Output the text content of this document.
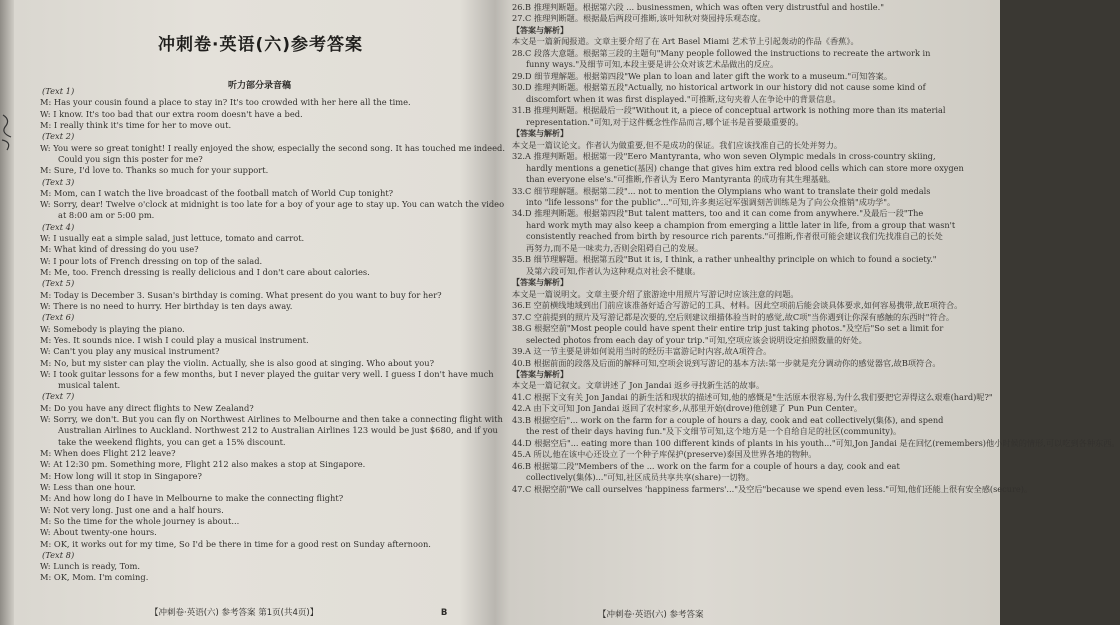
冲刺卷·英语(六)参考答案
听力部分录音稿
(Text 1)
M: Has your cousin found a place to stay in? It's too crowded with her here all the time.
W: I know. It's too bad that our extra room doesn't have a bed.
M: I really think it's time for her to move out.
(Text 2)
W: You were so great tonight! I really enjoyed the show, especially the second song. It has touched me indeed.
Could you sign this poster for me?
M: Sure, I'd love to. Thanks so much for your support.
(Text 3)
M: Mom, can I watch the live broadcast of the football match of World Cup tonight?
W: Sorry, dear! Twelve o'clock at midnight is too late for a boy of your age to stay up. You can watch the video
at 8:00 am or 5:00 pm.
(Text 4)
W: I usually eat a simple salad, just lettuce, tomato and carrot.
M: What kind of dressing do you use?
W: I pour lots of French dressing on top of the salad.
M: Me, too. French dressing is really delicious and I don't care about calories.
(Text 5)
M: Today is December 3. Susan's birthday is coming. What present do you want to buy for her?
W: There is no need to hurry. Her birthday is ten days away.
(Text 6)
W: Somebody is playing the piano.
M: Yes. It sounds nice. I wish I could play a musical instrument.
W: Can't you play any musical instrument?
M: No, but my sister can play the violin. Actually, she is also good at singing. Who about you?
W: I took guitar lessons for a few months, but I never played the guitar very well. I guess I don't have much
musical talent.
(Text 7)
M: Do you have any direct flights to New Zealand?
W: Sorry, we don't. But you can fly on Northwest Airlines to Melbourne and then take a connecting flight with
Australian Airlines to Auckland. Northwest 212 to Australian Airlines 123 would be just $680, and if you
take the weekend flights, you can get a 15% discount.
M: When does Flight 212 leave?
W: At 12:30 pm. Something more, Flight 212 also makes a stop at Singapore.
M: How long will it stop in Singapore?
W: Less than one hour.
M: And how long do I have in Melbourne to make the connecting flight?
W: Not very long. Just one and a half hours.
M: So the time for the whole journey is about...
W: About twenty-one hours.
M: OK, it works out for my time, So I'd be there in time for a good rest on Sunday afternoon.
(Text 8)
W: Lunch is ready, Tom.
M: OK, Mom. I'm coming.
【冲刺卷·英语(六) 参考答案 第1页(共4页)】	B
26.B 推理判断题。根据第六段 ... businessmen, which was often very distrustful and hostile."
27.C 推理判断题。根据最后两段可推断,该叶知秋对葵园持乐观态度。
【答案与解析】
本文是一篇新闻报道。文章主要介绍了在 Art Basel Miami 艺术节上引起轰动的作品《香蕉》。
28.C 段落大意题。根据第三段的主题句"Many people followed the instructions to recreate the artwork in
funny ways."及细节可知,本段主要是讲公众对该艺术品做出的反应。
29.D 细节理解题。根据第四段"We plan to loan and later gift the work to a museum."可知答案。
30.D 推理判断题。根据第五段"Actually, no historical artwork in our history did not cause some kind of
discomfort when it was first displayed."可推断,这句夹着人在争论中的背景信息。
31.B 推理判断题。根据最后一段"Without it, a piece of conceptual artwork is nothing more than its material
representation."可知,对于这件概念性作品而言,哪个证书是首要最重要的。
【答案与解析】
本文是一篇议论文。作者认为做重要,但不是成功的保证。我们应该找准自己的长处并努力。
32.A 推理判断题。根据第一段"Eero Mantyranta, who won seven Olympic medals in cross-country skiing,
hardly mentions a genetic(基因) change that gives him extra red blood cells which can store more oxygen
than everyone else's."可推断,作者认为 Eero Mantyranta 的成功有其生理基础。
33.C 细节理解题。根据第二段"... not to mention the Olympians who want to translate their gold medals
into "life lessons" for the public"..."可知,许多奥运冠军强调刻苦训练是为了向公众推销"成功学"。
34.D 推理判断题。根据第四段"But talent matters, too and it can come from anywhere."及最后一段"The
hard work myth may also keep a champion from emerging a little later in life, from a group that wasn't
consistently reached from birth by resource rich parents."可推断,作者很可能会建议我们先找准自己的长处
再努力,而不是一味卖力,否则会阻碍自己的发展。
35.B 细节理解题。根据第五段"But it is, I think, a rather unhealthy principle on which to found a society."
及第六段可知,作者认为这种观点对社会不健康。
【答案与解析】
本文是一篇说明文。文章主要介绍了旅游途中用照片写游记时应该注意的问题。
36.E 空前横线地域到出门前应该准备好适合写游记的工具、材料。因此空项前后能会谈具体要求,如何容易携带,故E项符合。
37.C 空前提到的照片及写游记都是次要的,空后则建议细描体验当时的感觉,故C项"当你遇到让你深有感触的东西时"符合。
38.G 根据空前"Most people could have spent their entire trip just taking photos."及空后"So set a limit for
selected photos from each day of your trip."可知,空项应该会说明设定拍照数量的好处。
39.A 这一节主要是讲如何说用当时的经历丰富游记时内容,故A项符合。
40.B 根据前面的段落及后面的解释可知,空项会说到写游记的基本方法:第一步就是充分调动你的感觉器官,故B项符合。
【答案与解析】
本文是一篇记叙文。文章讲述了 Jon Jandai 返乡寻找新生活的故事。
41.C 根据下文有关 Jon Jandai 的新生活和现状的描述可知,他的感慨是"生活原本很容易,为什么我们要把它弄得这么艰难(hard)呢?"
42.A 由下文可知 Jon Jandai 返回了农村家乡,从那里开始(drove)他创建了 Pun Pun Center。
43.B 根据空后"... work on the farm for a couple of hours a day, cook and eat collectively(集体), and spend
the rest of their days having fun."及下文细节可知,这个地方是一个自给自足的社区(community)。
44.D 根据空后"... eating more than 100 different kinds of plants in his youth..."可知,Jon Jandai 是在回忆(remembers)他小时候的情形,可以吃到各种东西。
45.A 所以,他在该中心还设立了一个种子库保护(preserve)泰国及世界各地的物种。
46.B 根据第二段"Members of the ... work on the farm for a couple of hours a day, cook and eat
collectively(集体)..."可知,社区成员共享共享(share)一切物。
47.C 根据空前"We call ourselves 'happiness farmers'..."及空后"because we spend even less."可知,他们还能上很有安全感(secure)。
【冲刺卷·英语(六) 参考答案
